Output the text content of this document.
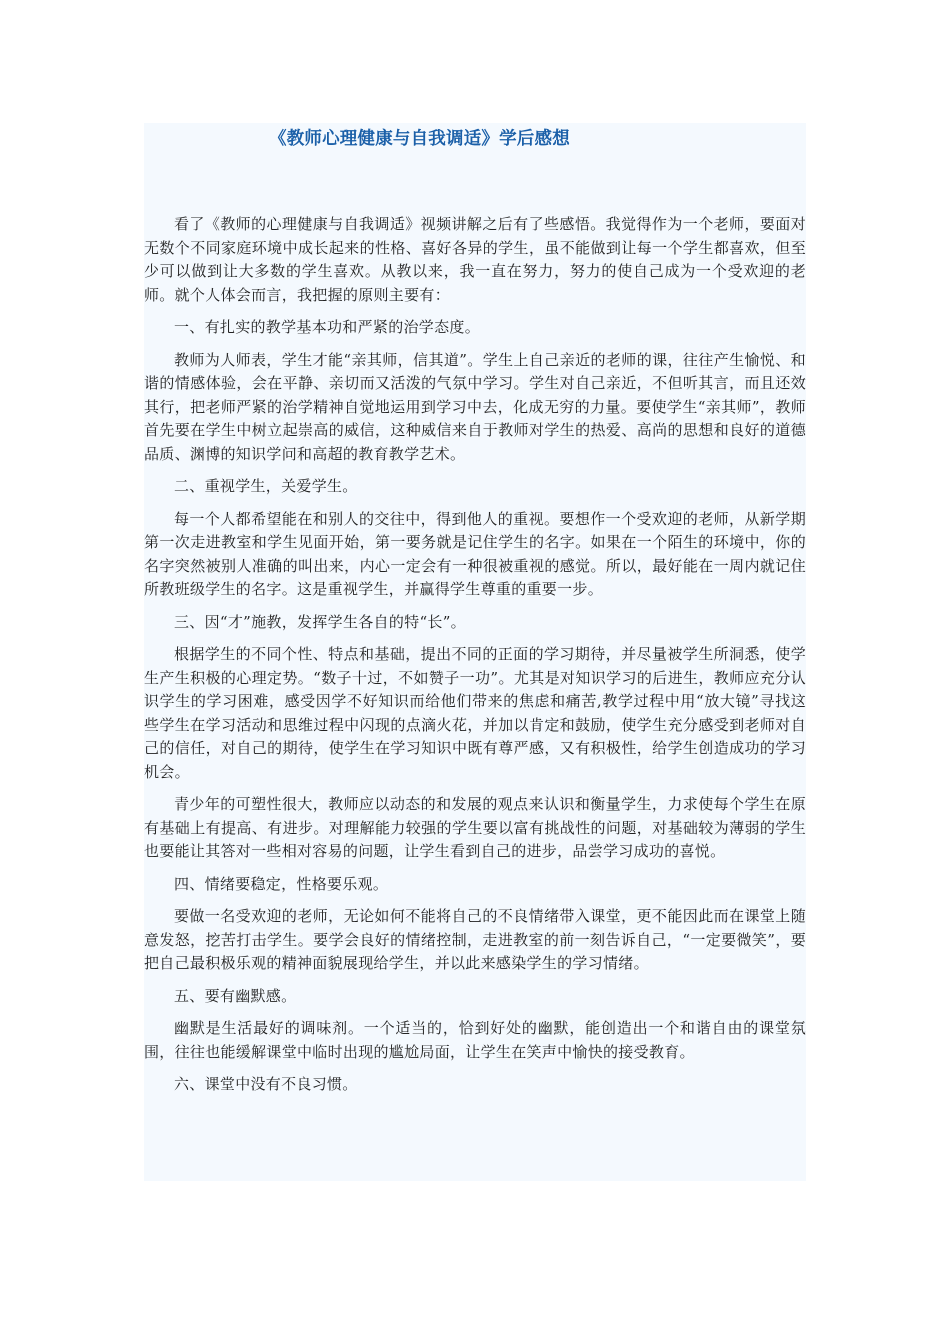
《教师心理健康与自我调适》学后感想

看了《教师的心理健康与自我调适》视频讲解之后有了些感悟。我觉得作为一个老师，要面对无数个不同家庭环境中成长起来的性格、喜好各异的学生，虽不能做到让每一个学生都喜欢，但至少可以做到让大多数的学生喜欢。从教以来，我一直在努力，努力的使自己成为一个受欢迎的老师。就个人体会而言，我把握的原则主要有：

一、有扎实的教学基本功和严紧的治学态度。

教师为人师表，学生才能“亲其师，信其道”。学生上自己亲近的老师的课，往往产生愉悦、和谐的情感体验，会在平静、亲切而又活泼的气氛中学习。学生对自己亲近，不但听其言，而且还效其行，把老师严紧的治学精神自觉地运用到学习中去，化成无穷的力量。要使学生“亲其师”，教师首先要在学生中树立起崇高的威信，这种威信来自于教师对学生的热爱、高尚的思想和良好的道德品质、渊博的知识学问和高超的教育教学艺术。

二、重视学生，关爱学生。

每一个人都希望能在和别人的交往中，得到他人的重视。要想作一个受欢迎的老师，从新学期第一次走进教室和学生见面开始，第一要务就是记住学生的名字。如果在一个陌生的环境中，你的名字突然被别人准确的叫出来，内心一定会有一种很被重视的感觉。所以，最好能在一周内就记住所教班级学生的名字。这是重视学生，并赢得学生尊重的重要一步。

三、因“才”施教，发挥学生各自的特“长”。

根据学生的不同个性、特点和基础，提出不同的正面的学习期待，并尽量被学生所洞悉，使学生产生积极的心理定势。“数子十过，不如赞子一功”。尤其是对知识学习的后进生，教师应充分认识学生的学习困难，感受因学不好知识而给他们带来的焦虑和痛苦,教学过程中用“放大镜”寻找这些学生在学习活动和思维过程中闪现的点滴火花，并加以肯定和鼓励，使学生充分感受到老师对自己的信任，对自己的期待，使学生在学习知识中既有尊严感，又有积极性，给学生创造成功的学习机会。

青少年的可塑性很大，教师应以动态的和发展的观点来认识和衡量学生，力求使每个学生在原有基础上有提高、有进步。对理解能力较强的学生要以富有挑战性的问题，对基础较为薄弱的学生也要能让其答对一些相对容易的问题，让学生看到自己的进步，品尝学习成功的喜悦。

四、情绪要稳定，性格要乐观。

要做一名受欢迎的老师，无论如何不能将自己的不良情绪带入课堂，更不能因此而在课堂上随意发怒，挖苦打击学生。要学会良好的情绪控制，走进教室的前一刻告诉自己，“一定要微笑”，要把自己最积极乐观的精神面貌展现给学生，并以此来感染学生的学习情绪。

五、要有幽默感。

幽默是生活最好的调味剂。一个适当的，恰到好处的幽默，能创造出一个和谐自由的课堂氛围，往往也能缓解课堂中临时出现的尴尬局面，让学生在笑声中愉快的接受教育。

六、课堂中没有不良习惯。
